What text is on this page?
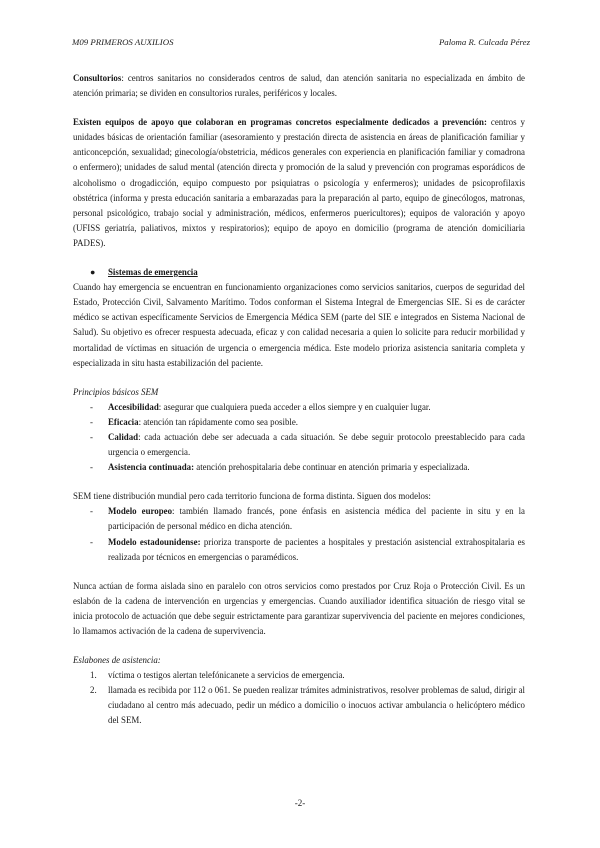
M09 PRIMEROS AUXILIOS	Paloma R. Culcada Pérez

Consultorios: centros sanitarios no considerados centros de salud, dan atención sanitaria no especializada en ámbito de atención primaria; se dividen en consultorios rurales, periféricos y locales.

Existen equipos de apoyo que colaboran en programas concretos especialmente dedicados a prevención: centros y unidades básicas de orientación familiar (asesoramiento y prestación directa de asistencia en áreas de planificación familiar y anticoncepción, sexualidad; ginecología/obstetricia, médicos generales con experiencia en planificación familiar y comadrona o enfermero); unidades de salud mental (atención directa y promoción de la salud y prevención con programas esporádicos de alcoholismo o drogadicción, equipo compuesto por psiquiatras o psicología y enfermeros); unidades de psicoprofilaxis obstétrica (informa y presta educación sanitaria a embarazadas para la preparación al parto, equipo de ginecólogos, matronas, personal psicológico, trabajo social y administración, médicos, enfermeros puericultores); equipos de valoración y apoyo (UFISS geriatría, paliativos, mixtos y respiratorios); equipo de apoyo en domicilio (programa de atención domiciliaria PADES).

● Sistemas de emergencia

Cuando hay emergencia se encuentran en funcionamiento organizaciones como servicios sanitarios, cuerpos de seguridad del Estado, Protección Civil, Salvamento Marítimo. Todos conforman el Sistema Integral de Emergencias SIE. Si es de carácter médico se activan específicamente Servicios de Emergencia Médica SEM (parte del SIE e integrados en Sistema Nacional de Salud). Su objetivo es ofrecer respuesta adecuada, eficaz y con calidad necesaria a quien lo solicite para reducir morbilidad y mortalidad de víctimas en situación de urgencia o emergencia médica. Este modelo prioriza asistencia sanitaria completa y especializada in situ hasta estabilización del paciente.

Principios básicos SEM

- Accesibilidad: asegurar que cualquiera pueda acceder a ellos siempre y en cualquier lugar.
- Eficacia: atención tan rápidamente como sea posible.
- Calidad: cada actuación debe ser adecuada a cada situación. Se debe seguir protocolo preestablecido para cada urgencia o emergencia.
- Asistencia continuada: atención prehospitalaria debe continuar en atención primaria y especializada.

SEM tiene distribución mundial pero cada territorio funciona de forma distinta. Siguen dos modelos:

- Modelo europeo: también llamado francés, pone énfasis en asistencia médica del paciente in situ y en la participación de personal médico en dicha atención.
- Modelo estadounidense: prioriza transporte de pacientes a hospitales y prestación asistencial extrahospitalaria es realizada por técnicos en emergencias o paramédicos.

Nunca actúan de forma aislada sino en paralelo con otros servicios como prestados por Cruz Roja o Protección Civil. Es un eslabón de la cadena de intervención en urgencias y emergencias. Cuando auxiliador identifica situación de riesgo vital se inicia protocolo de actuación que debe seguir estrictamente para garantizar supervivencia del paciente en mejores condiciones, lo llamamos activación de la cadena de supervivencia.

Eslabones de asistencia:

1. víctima o testigos alertan telefónicanete a servicios de emergencia.
2. llamada es recibida por 112 o 061. Se pueden realizar trámites administrativos, resolver problemas de salud, dirigir al ciudadano al centro más adecuado, pedir un médico a domicilio o inocuos activar ambulancia o helicóptero médico del SEM.
-2-
